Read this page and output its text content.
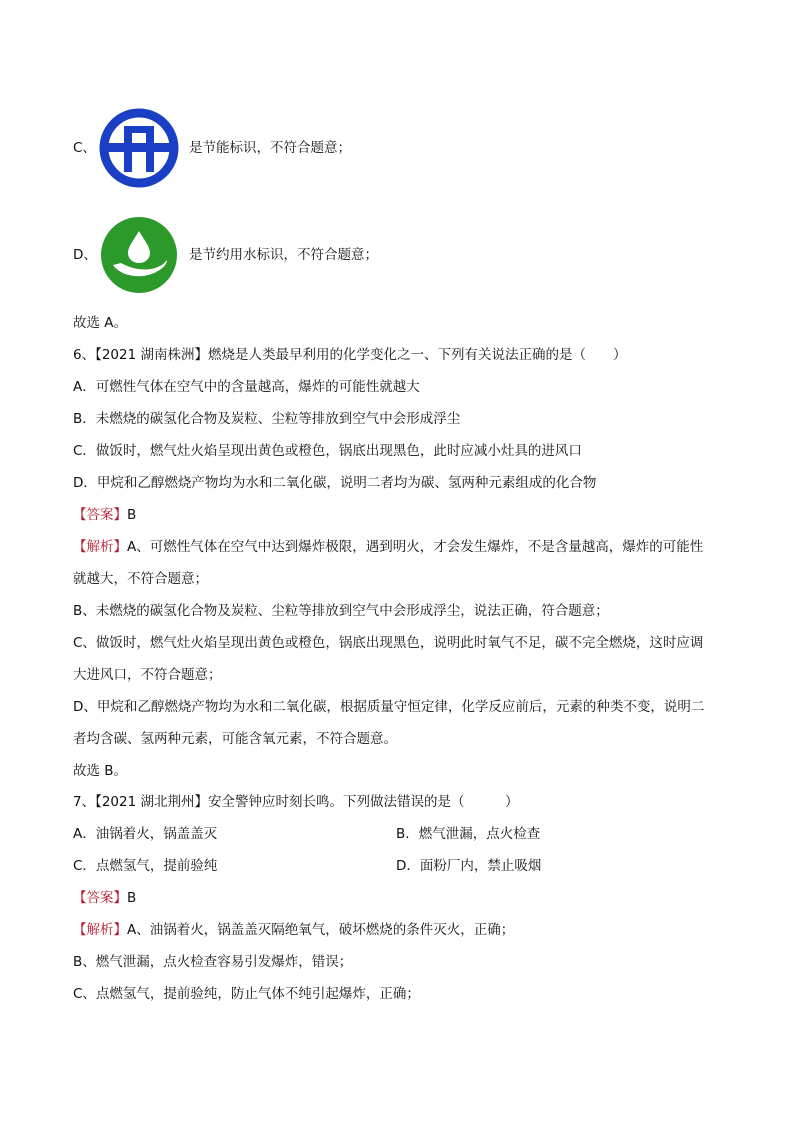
C、	是节能标识，不符合题意；
D、	是节约用水标识，不符合题意；
故选 A。
6、【2021 湖南株洲】燃烧是人类最早利用的化学变化之一、下列有关说法正确的是（　　）
A．可燃性气体在空气中的含量越高，爆炸的可能性就越大
B．未燃烧的碳氢化合物及炭粒、尘粒等排放到空气中会形成浮尘
C．做饭时，燃气灶火焰呈现出黄色或橙色，锅底出现黑色，此时应减小灶具的进风口
D．甲烷和乙醇燃烧产物均为水和二氧化碳，说明二者均为碳、氢两种元素组成的化合物
【答案】B
【解析】A、可燃性气体在空气中达到爆炸极限，遇到明火，才会发生爆炸，不是含量越高，爆炸的可能性
就越大，不符合题意；
B、未燃烧的碳氢化合物及炭粒、尘粒等排放到空气中会形成浮尘，说法正确，符合题意；
C、做饭时，燃气灶火焰呈现出黄色或橙色，锅底出现黑色，说明此时氧气不足，碳不完全燃烧，这时应调
大进风口，不符合题意；
D、甲烷和乙醇燃烧产物均为水和二氧化碳，根据质量守恒定律，化学反应前后，元素的种类不变，说明二
者均含碳、氢两种元素，可能含氧元素，不符合题意。
故选 B。
7、【2021 湖北荆州】安全警钟应时刻长鸣。下列做法错误的是（　　　）
A．油锅着火，锅盖盖灭	B．燃气泄漏，点火检查
C．点燃氢气，提前验纯	D．面粉厂内，禁止吸烟
【答案】B
【解析】A、油锅着火，锅盖盖灭隔绝氧气，破坏燃烧的条件灭火，正确；
B、燃气泄漏，点火检查容易引发爆炸，错误；
C、点燃氢气，提前验纯，防止气体不纯引起爆炸，正确；
